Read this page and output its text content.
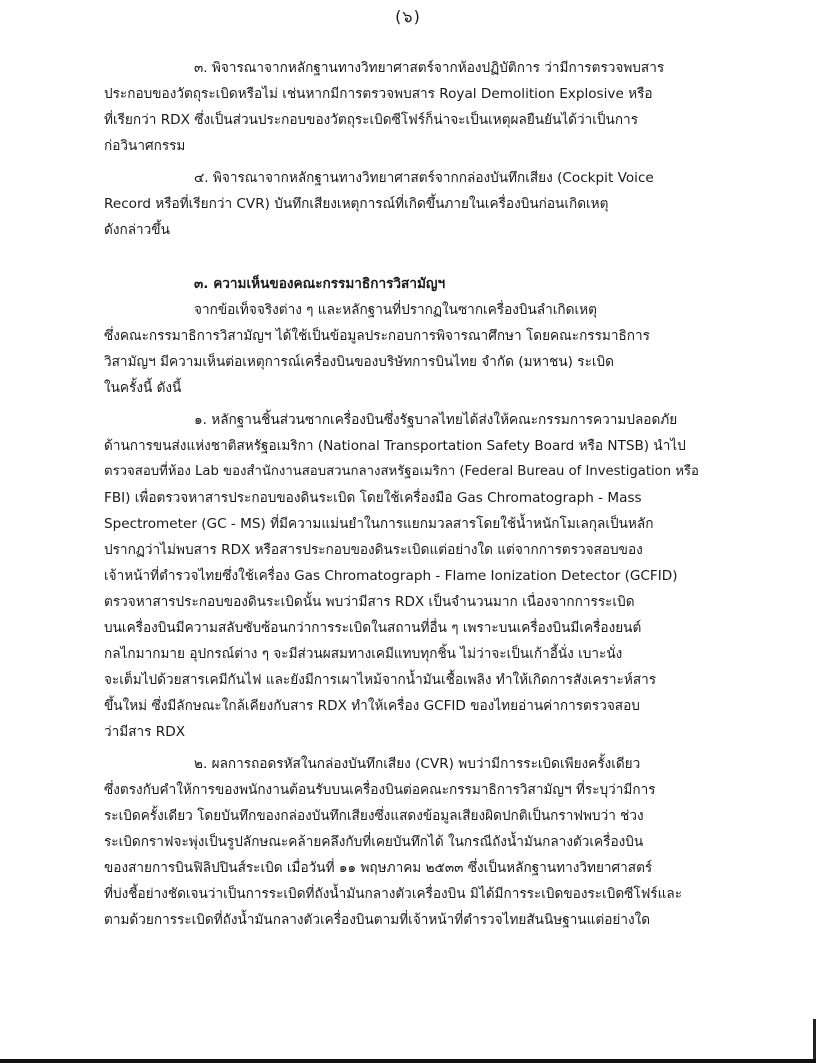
(๖)
๓. พิจารณาจากหลักฐานทางวิทยาศาสตร์จากห้องปฏิบัติการ ว่ามีการตรวจพบสาร
ประกอบของวัตถุระเบิดหรือไม่ เช่นหากมีการตรวจพบสาร Royal Demolition Explosive หรือ
ที่เรียกว่า RDX ซึ่งเป็นส่วนประกอบของวัตถุระเบิดซีโฟร์ก็น่าจะเป็นเหตุผลยืนยันได้ว่าเป็นการ
ก่อวินาศกรรม
๔. พิจารณาจากหลักฐานทางวิทยาศาสตร์จากกล่องบันทึกเสียง (Cockpit Voice
Record หรือที่เรียกว่า CVR) บันทึกเสียงเหตุการณ์ที่เกิดขึ้นภายในเครื่องบินก่อนเกิดเหตุ
ดังกล่าวขึ้น
๓. ความเห็นของคณะกรรมาธิการวิสามัญฯ
จากข้อเท็จจริงต่าง ๆ และหลักฐานที่ปรากฏในซากเครื่องบินลำเกิดเหตุ
ซึ่งคณะกรรมาธิการวิสามัญฯ ได้ใช้เป็นข้อมูลประกอบการพิจารณาศึกษา โดยคณะกรรมาธิการ
วิสามัญฯ มีความเห็นต่อเหตุการณ์เครื่องบินของบริษัทการบินไทย จำกัด (มหาชน) ระเบิด
ในครั้งนี้ ดังนี้
๑. หลักฐานชิ้นส่วนซากเครื่องบินซึ่งรัฐบาลไทยได้ส่งให้คณะกรรมการความปลอดภัย
ด้านการขนส่งแห่งชาติสหรัฐอเมริกา (National Transportation Safety Board หรือ NTSB) นำไป
ตรวจสอบที่ห้อง Lab ของสำนักงานสอบสวนกลางสหรัฐอเมริกา (Federal Bureau of Investigation หรือ
FBI) เพื่อตรวจหาสารประกอบของดินระเบิด โดยใช้เครื่องมือ Gas Chromatograph - Mass
Spectrometer (GC - MS) ที่มีความแม่นยำในการแยกมวลสารโดยใช้น้ำหนักโมเลกุลเป็นหลัก
ปรากฏว่าไม่พบสาร RDX หรือสารประกอบของดินระเบิดแต่อย่างใด แต่จากการตรวจสอบของ
เจ้าหน้าที่ตำรวจไทยซึ่งใช้เครื่อง Gas Chromatograph - Flame Ionization Detector (GCFID)
ตรวจหาสารประกอบของดินระเบิดนั้น พบว่ามีสาร RDX เป็นจำนวนมาก เนื่องจากการระเบิด
บนเครื่องบินมีความสลับซับซ้อนกว่าการระเบิดในสถานที่อื่น ๆ เพราะบนเครื่องบินมีเครื่องยนต์
กลไกมากมาย อุปกรณ์ต่าง ๆ จะมีส่วนผสมทางเคมีแทบทุกชิ้น ไม่ว่าจะเป็นเก้าอี้นั่ง เบาะนั่ง
จะเต็มไปด้วยสารเคมีกันไฟ และยังมีการเผาไหม้จากน้ำมันเชื้อเพลิง ทำให้เกิดการสังเคราะห์สาร
ขึ้นใหม่ ซึ่งมีลักษณะใกล้เคียงกับสาร RDX ทำให้เครื่อง GCFID ของไทยอ่านค่าการตรวจสอบ
ว่ามีสาร RDX
๒. ผลการถอดรหัสในกล่องบันทึกเสียง (CVR) พบว่ามีการระเบิดเพียงครั้งเดียว
ซึ่งตรงกับคำให้การของพนักงานต้อนรับบนเครื่องบินต่อคณะกรรมาธิการวิสามัญฯ ที่ระบุว่ามีการ
ระเบิดครั้งเดียว โดยบันทึกของกล่องบันทึกเสียงซึ่งแสดงข้อมูลเสียงผิดปกติเป็นกราฟพบว่า ช่วง
ระเบิดกราฟจะพุ่งเป็นรูปลักษณะคล้ายคลึงกับที่เคยบันทึกได้ ในกรณีถังน้ำมันกลางตัวเครื่องบิน
ของสายการบินฟิลิปปินส์ระเบิด เมื่อวันที่ ๑๑ พฤษภาคม ๒๕๓๓ ซึ่งเป็นหลักฐานทางวิทยาศาสตร์
ที่บ่งชี้อย่างชัดเจนว่าเป็นการระเบิดที่ถังน้ำมันกลางตัวเครื่องบิน มิได้มีการระเบิดของระเบิดซีโฟร์และ
ตามด้วยการระเบิดที่ถังน้ำมันกลางตัวเครื่องบินตามที่เจ้าหน้าที่ตำรวจไทยสันนิษฐานแต่อย่างใด
